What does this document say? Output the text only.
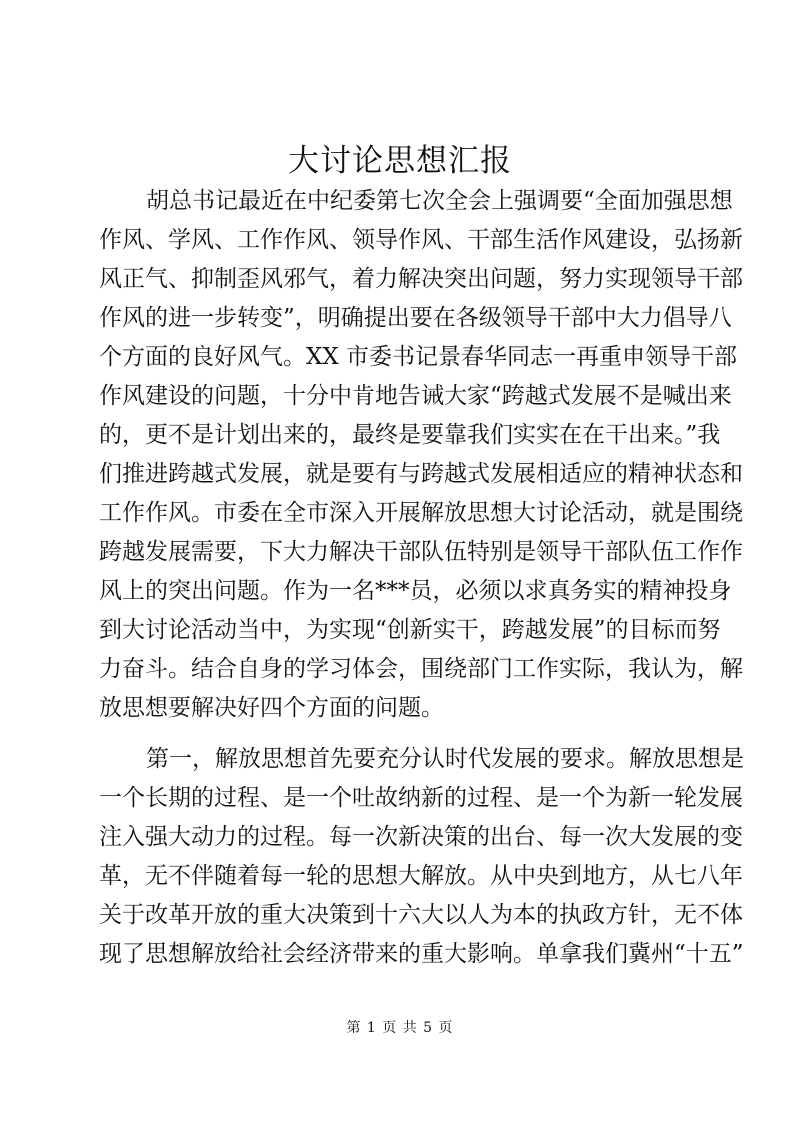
大讨论思想汇报

胡总书记最近在中纪委第七次全会上强调要“全面加强思想
作风、学风、工作作风、领导作风、干部生活作风建设，弘扬新
风正气、抑制歪风邪气，着力解决突出问题，努力实现领导干部
作风的进一步转变”，明确提出要在各级领导干部中大力倡导八
个方面的良好风气。XX 市委书记景春华同志一再重申领导干部
作风建设的问题，十分中肯地告诫大家“跨越式发展不是喊出来
的，更不是计划出来的，最终是要靠我们实实在在干出来。”我
们推进跨越式发展，就是要有与跨越式发展相适应的精神状态和
工作作风。市委在全市深入开展解放思想大讨论活动，就是围绕
跨越发展需要，下大力解决干部队伍特别是领导干部队伍工作作
风上的突出问题。作为一名***员，必须以求真务实的精神投身
到大讨论活动当中，为实现“创新实干，跨越发展”的目标而努
力奋斗。结合自身的学习体会，围绕部门工作实际，我认为，解
放思想要解决好四个方面的问题。

第一，解放思想首先要充分认时代发展的要求。解放思想是
一个长期的过程、是一个吐故纳新的过程、是一个为新一轮发展
注入强大动力的过程。每一次新决策的出台、每一次大发展的变
革，无不伴随着每一轮的思想大解放。从中央到地方，从七八年
关于改革开放的重大决策到十六大以人为本的执政方针，无不体
现了思想解放给社会经济带来的重大影响。单拿我们冀州“十五”

第 1 页 共 5 页
